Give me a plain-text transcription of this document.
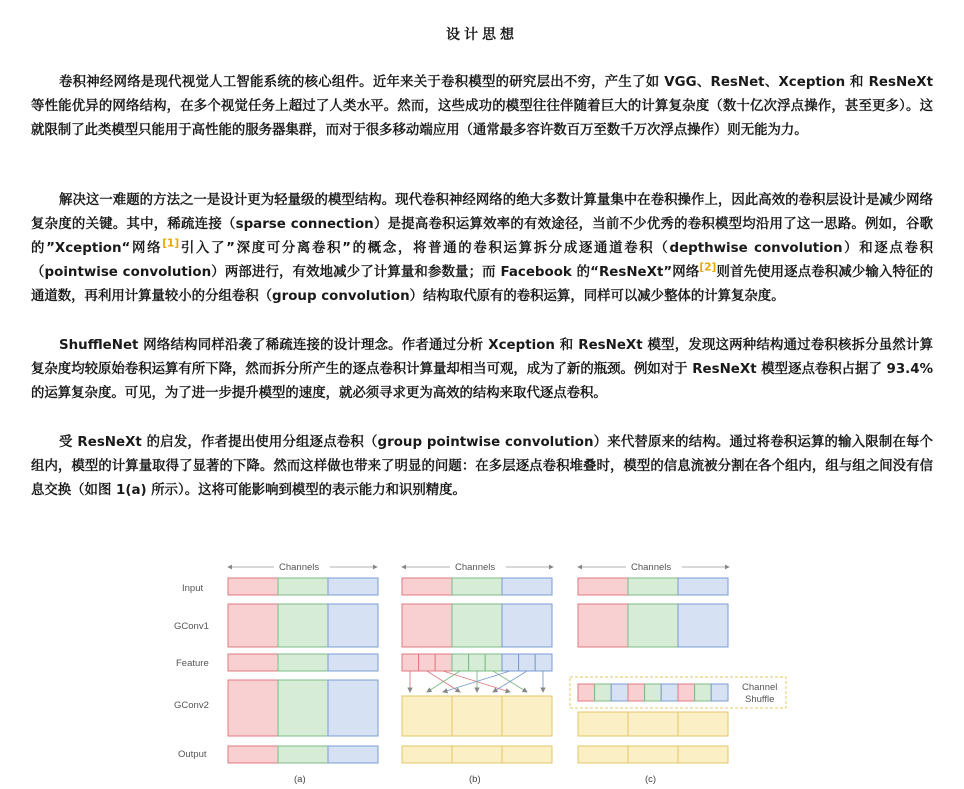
设计思想

卷积神经网络是现代视觉人工智能系统的核心组件。近年来关于卷积模型的研究层出不穷，产生了如 VGG、ResNet、Xception 和 ResNeXt 等性能优异的网络结构，在多个视觉任务上超过了人类水平。然而，这些成功的模型往往伴随着巨大的计算复杂度（数十亿次浮点操作，甚至更多）。这就限制了此类模型只能用于高性能的服务器集群，而对于很多移动端应用（通常最多容许数百万至数千万次浮点操作）则无能为力。

解决这一难题的方法之一是设计更为轻量级的模型结构。现代卷积神经网络的绝大多数计算量集中在卷积操作上，因此高效的卷积层设计是减少网络复杂度的关键。其中，稀疏连接（sparse connection）是提高卷积运算效率的有效途径，当前不少优秀的卷积模型均沿用了这一思路。例如，谷歌的”Xception“网络[1]引入了”深度可分离卷积”的概念，将普通的卷积运算拆分成逐通道卷积（depthwise convolution）和逐点卷积（pointwise convolution）两部进行，有效地减少了计算量和参数量；而 Facebook 的“ResNeXt”网络[2]则首先使用逐点卷积减少输入特征的通道数，再利用计算量较小的分组卷积（group convolution）结构取代原有的卷积运算，同样可以减少整体的计算复杂度。

ShuffleNet 网络结构同样沿袭了稀疏连接的设计理念。作者通过分析 Xception 和 ResNeXt 模型，发现这两种结构通过卷积核拆分虽然计算复杂度均较原始卷积运算有所下降，然而拆分所产生的逐点卷积计算量却相当可观，成为了新的瓶颈。例如对于 ResNeXt 模型逐点卷积占据了 93.4% 的运算复杂度。可见，为了进一步提升模型的速度，就必须寻求更为高效的结构来取代逐点卷积。

受 ResNeXt 的启发，作者提出使用分组逐点卷积（group pointwise convolution）来代替原来的结构。通过将卷积运算的输入限制在每个组内，模型的计算量取得了显著的下降。然而这样做也带来了明显的问题：在多层逐点卷积堆叠时，模型的信息流被分割在各个组内，组与组之间没有信息交换（如图 1(a) 所示）。这将可能影响到模型的表示能力和识别精度。

Input
GConv1
Feature
GConv2
Output
Channels
(a)
Channels
(b)
Channels
Channel
Shuffle
(c)
